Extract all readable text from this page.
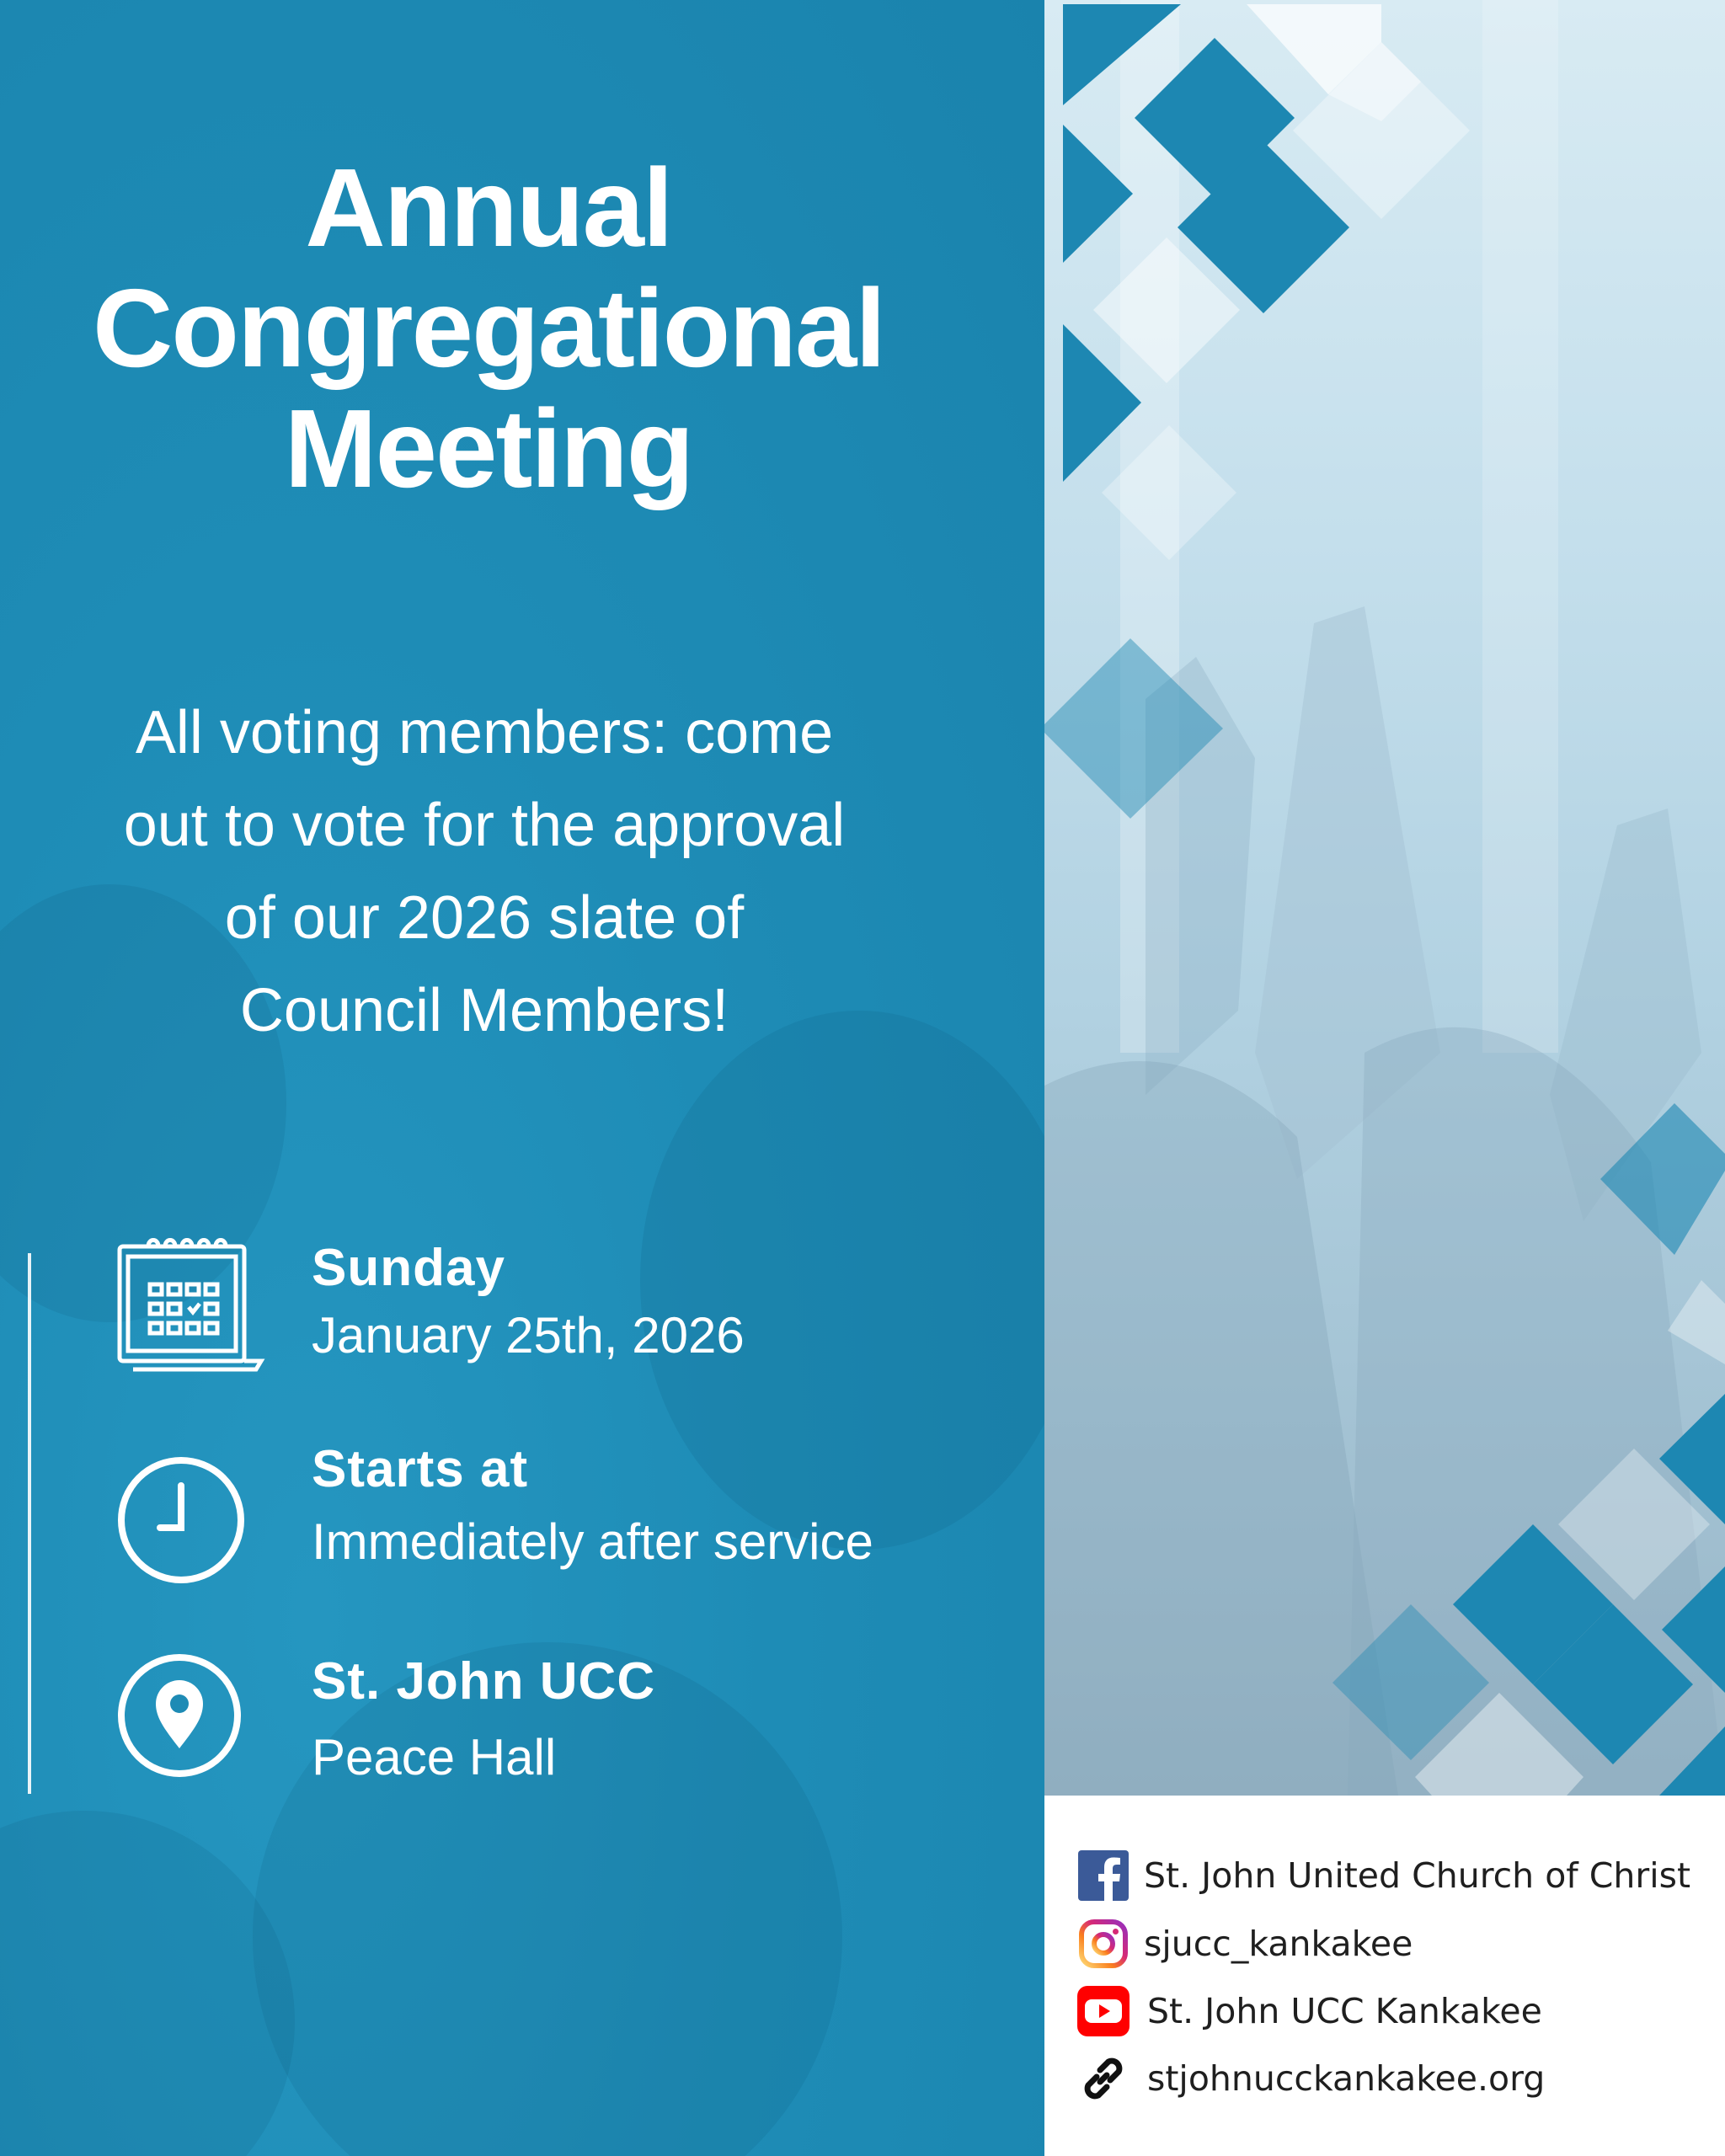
Annual
Congregational
Meeting
All voting members: come
out to vote for the approval
of our 2026 slate of
Council Members!
Sunday
January 25th, 2026
Starts at
Immediately after service
St. John UCC
Peace Hall
St. John United Church of Christ
sjucc_kankakee
St. John UCC Kankakee
stjohnucckankakee.org
